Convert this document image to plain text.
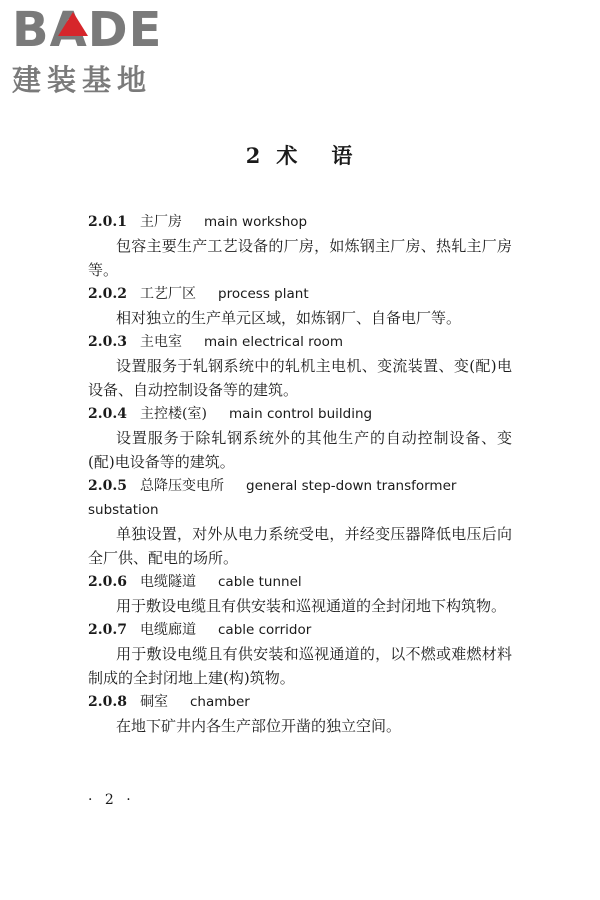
BADE
建装基地
2 术 语
2.0.1 主厂房 main workshop
包容主要生产工艺设备的厂房，如炼钢主厂房、热轧主厂房等。
2.0.2 工艺厂区 process plant
相对独立的生产单元区域，如炼钢厂、自备电厂等。
2.0.3 主电室 main electrical room
设置服务于轧钢系统中的轧机主电机、变流装置、变(配)电设备、自动控制设备等的建筑。
2.0.4 主控楼(室) main control building
设置服务于除轧钢系统外的其他生产的自动控制设备、变(配)电设备等的建筑。
2.0.5 总降压变电所 general step-down transformer substation
单独设置，对外从电力系统受电，并经变压器降低电压后向全厂供、配电的场所。
2.0.6 电缆隧道 cable tunnel
用于敷设电缆且有供安装和巡视通道的全封闭地下构筑物。
2.0.7 电缆廊道 cable corridor
用于敷设电缆且有供安装和巡视通道的，以不燃或难燃材料制成的全封闭地上建(构)筑物。
2.0.8 硐室 chamber
在地下矿井内各生产部位开凿的独立空间。
· 2 ·
